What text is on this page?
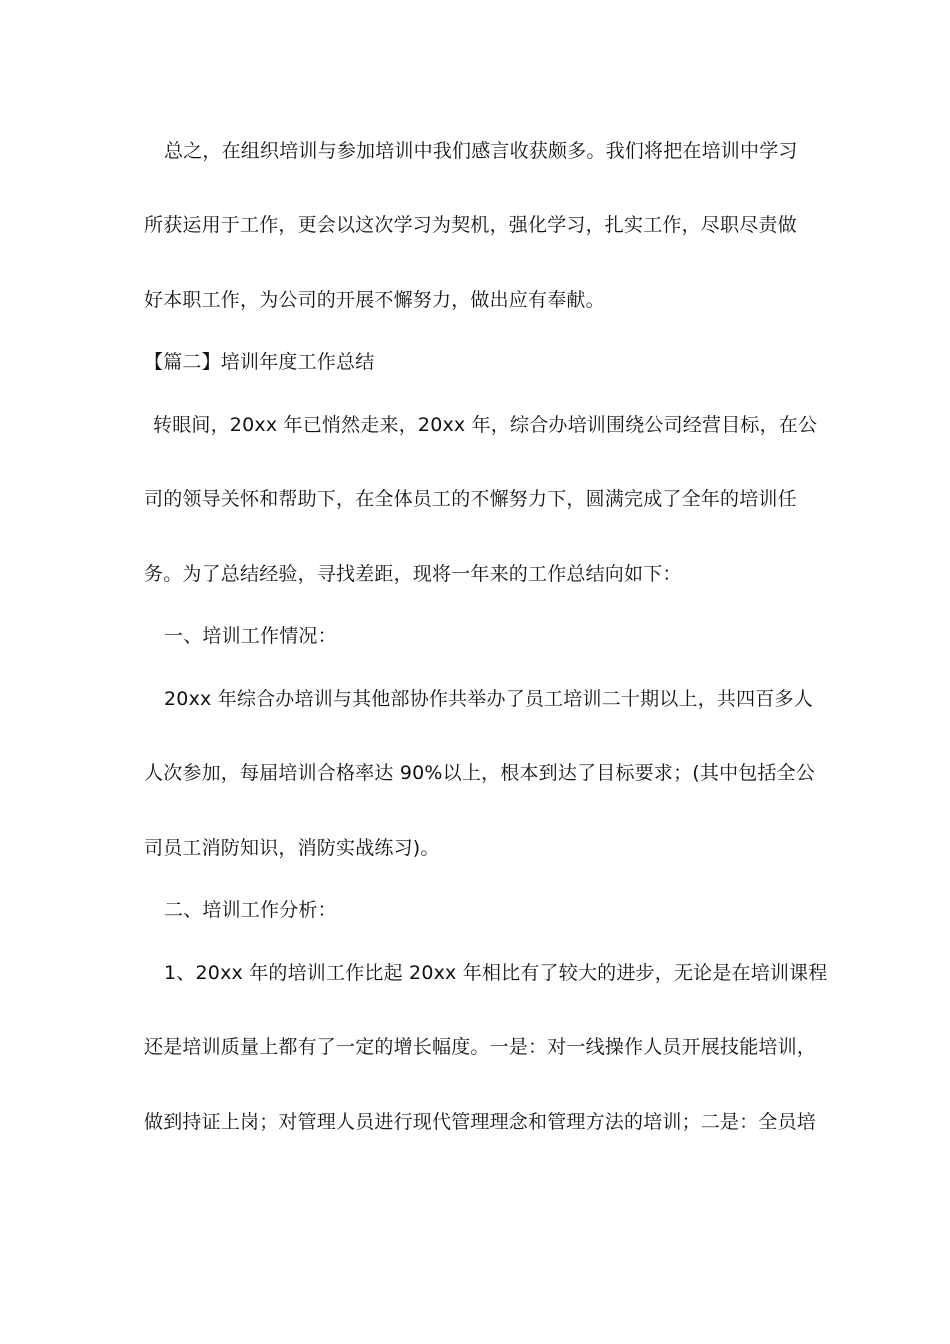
总之，在组织培训与参加培训中我们感言收获颇多。我们将把在培训中学习
所获运用于工作，更会以这次学习为契机，强化学习，扎实工作，尽职尽责做
好本职工作，为公司的开展不懈努力，做出应有奉献。
【篇二】培训年度工作总结
转眼间，20xx 年已悄然走来，20xx 年，综合办培训围绕公司经营目标，在公
司的领导关怀和帮助下，在全体员工的不懈努力下，圆满完成了全年的培训任
务。为了总结经验，寻找差距，现将一年来的工作总结向如下：
一、培训工作情况：
20xx 年综合办培训与其他部协作共举办了员工培训二十期以上，共四百多人
人次参加，每届培训合格率达 90%以上，根本到达了目标要求；(其中包括全公
司员工消防知识，消防实战练习)。
二、培训工作分析：
1、20xx 年的培训工作比起 20xx 年相比有了较大的进步，无论是在培训课程
还是培训质量上都有了一定的增长幅度。一是：对一线操作人员开展技能培训，
做到持证上岗；对管理人员进行现代管理理念和管理方法的培训；二是：全员培
